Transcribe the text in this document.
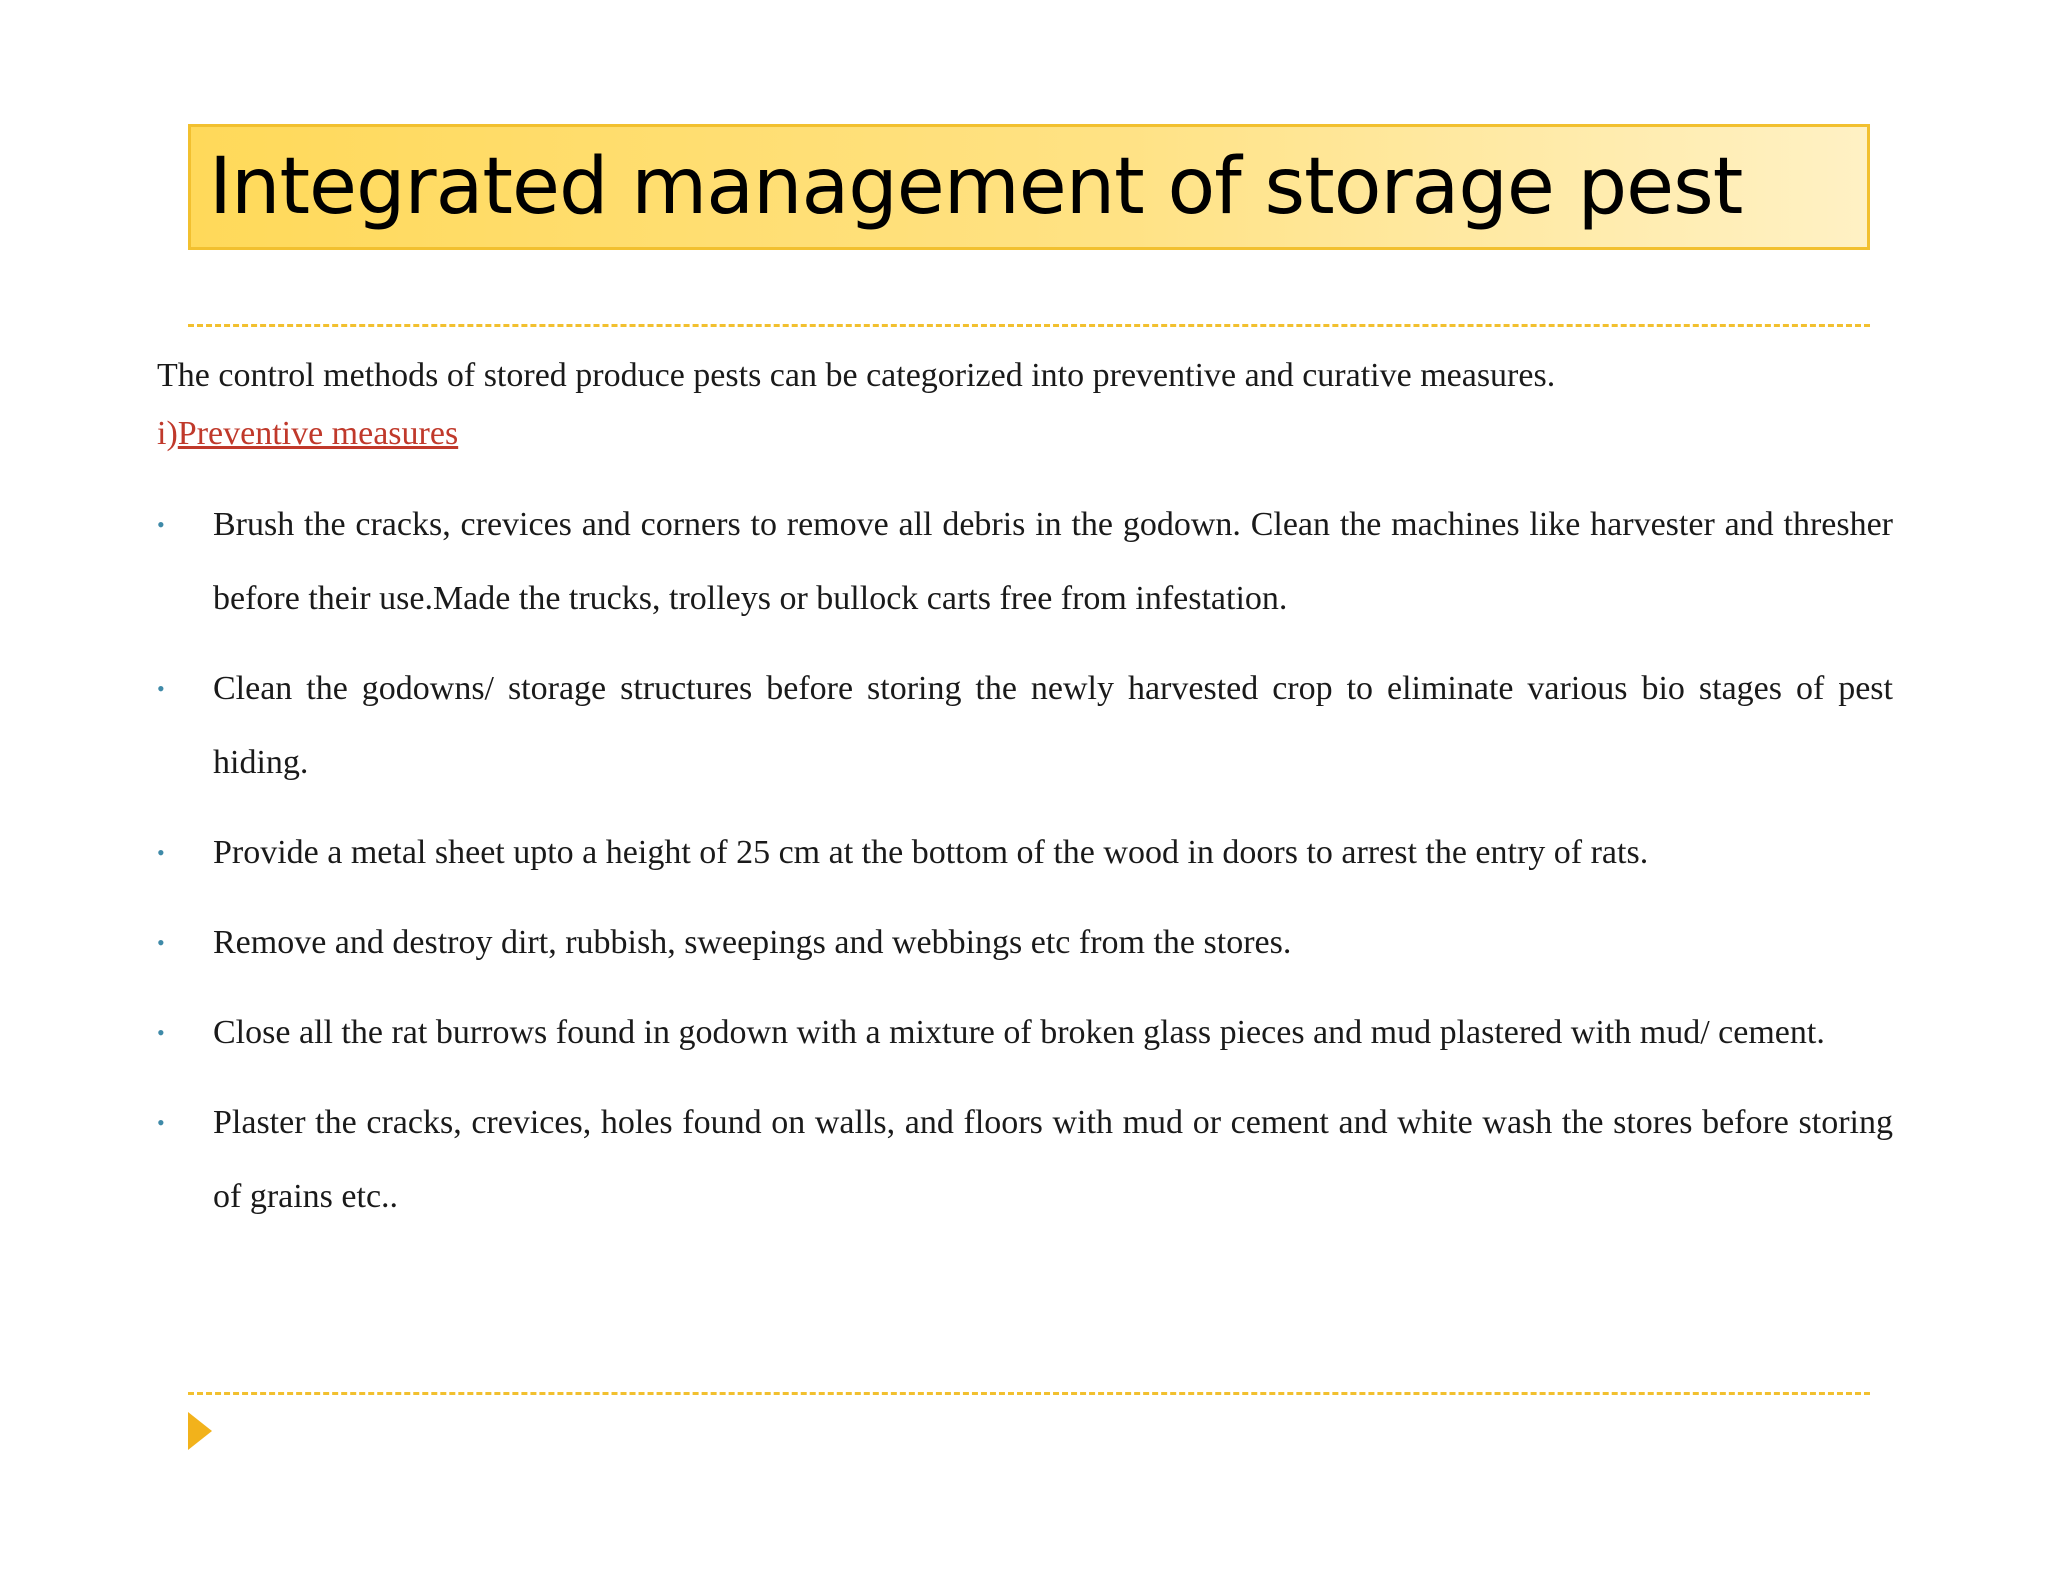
Integrated management of storage pest
The control methods of stored produce pests can be categorized into preventive and curative measures.
i)Preventive measures
• Brush the cracks, crevices and corners to remove all debris in the godown. Clean the machines like harvester and thresher before their use.Made the trucks, trolleys or bullock carts free from infestation.
• Clean the godowns/ storage structures before storing the newly harvested crop to eliminate various bio stages of pest hiding.
• Provide a metal sheet upto a height of 25 cm at the bottom of the wood in doors to arrest the entry of rats.
• Remove and destroy dirt, rubbish, sweepings and webbings etc from the stores.
• Close all the rat burrows found in godown with a mixture of broken glass pieces and mud plastered with mud/ cement.
• Plaster the cracks, crevices, holes found on walls, and floors with mud or cement and white wash the stores before storing of grains etc..
